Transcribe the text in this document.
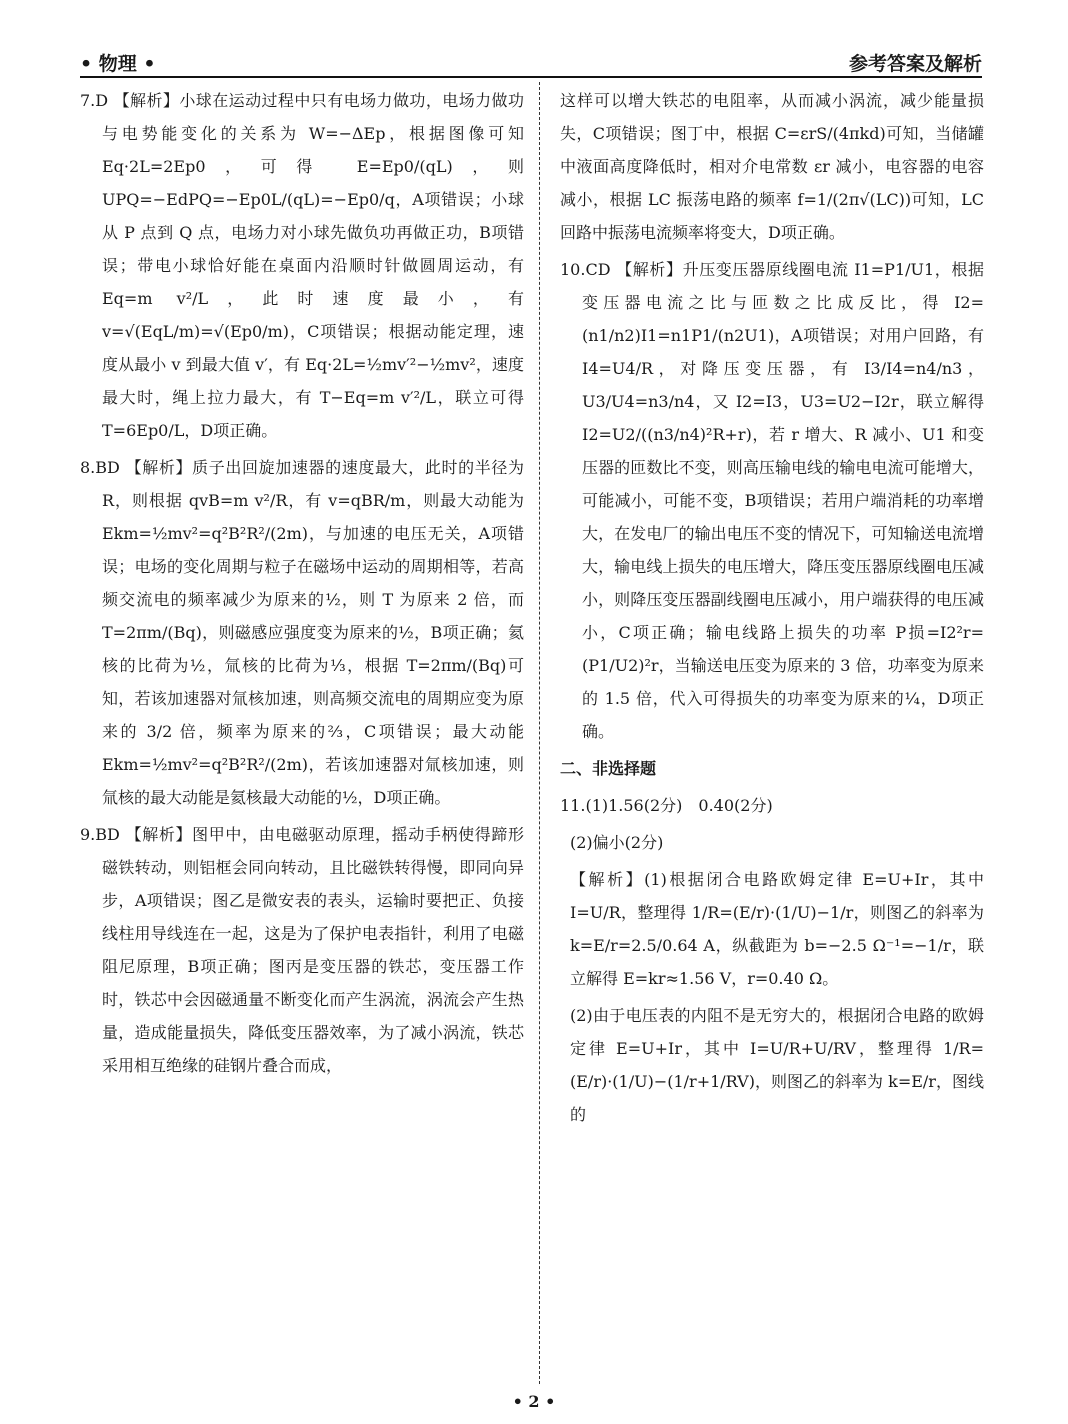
• 物理 •	参考答案及解析

7.D 【解析】小球在运动过程中只有电场力做功，电场力做功与电势能变化的关系为 W=−ΔEp，根据图像可知 Eq·2L=2Ep0，可得 E=Ep0/(qL)，则 UPQ=−EdPQ=−Ep0L/(qL)=−Ep0/q，A项错误；小球从 P 点到 Q 点，电场力对小球先做负功再做正功，B项错误；带电小球恰好能在桌面内沿顺时针做圆周运动，有 Eq=m v²/L，此时速度最小，有 v=√(EqL/m)=√(Ep0/m)，C项错误；根据动能定理，速度从最小 v 到最大值 v′，有 Eq·2L=½mv′²−½mv²，速度最大时，绳上拉力最大，有 T−Eq=m v′²/L，联立可得 T=6Ep0/L，D项正确。

8.BD 【解析】质子出回旋加速器的速度最大，此时的半径为 R，则根据 qvB=m v²/R，有 v=qBR/m，则最大动能为 Ekm=½mv²=q²B²R²/(2m)，与加速的电压无关，A项错误；电场的变化周期与粒子在磁场中运动的周期相等，若高频交流电的频率减少为原来的½，则 T 为原来 2 倍，而 T=2πm/(Bq)，则磁感应强度变为原来的½，B项正确；氦核的比荷为½，氚核的比荷为⅓，根据 T=2πm/(Bq)可知，若该加速器对氚核加速，则高频交流电的周期应变为原来的 3/2 倍，频率为原来的⅔，C项错误；最大动能 Ekm=½mv²=q²B²R²/(2m)，若该加速器对氚核加速，则氚核的最大动能是氦核最大动能的½，D项正确。

9.BD 【解析】图甲中，由电磁驱动原理，摇动手柄使得蹄形磁铁转动，则铝框会同向转动，且比磁铁转得慢，即同向异步，A项错误；图乙是微安表的表头，运输时要把正、负接线柱用导线连在一起，这是为了保护电表指针，利用了电磁阻尼原理，B项正确；图丙是变压器的铁芯，变压器工作时，铁芯中会因磁通量不断变化而产生涡流，涡流会产生热量，造成能量损失，降低变压器效率，为了减小涡流，铁芯采用相互绝缘的硅钢片叠合而成，

这样可以增大铁芯的电阻率，从而减小涡流，减少能量损失，C项错误；图丁中，根据 C=εrS/(4πkd)可知，当储罐中液面高度降低时，相对介电常数 εr 减小，电容器的电容减小，根据 LC 振荡电路的频率 f=1/(2π√(LC))可知，LC 回路中振荡电流频率将变大，D项正确。

10.CD 【解析】升压变压器原线圈电流 I1=P1/U1，根据变压器电流之比与匝数之比成反比，得 I2=(n1/n2)I1=n1P1/(n2U1)，A项错误；对用户回路，有 I4=U4/R，对降压变压器，有 I3/I4=n4/n3，U3/U4=n3/n4，又 I2=I3，U3=U2−I2r，联立解得 I2=U2/((n3/n4)²R+r)，若 r 增大、R 减小、U1 和变压器的匝数比不变，则高压输电线的输电电流可能增大，可能减小，可能不变，B项错误；若用户端消耗的功率增大，在发电厂的输出电压不变的情况下，可知输送电流增大，输电线上损失的电压增大，降压变压器原线圈电压减小，则降压变压器副线圈电压减小，用户端获得的电压减小，C项正确；输电线路上损失的功率 P损=I2²r=(P1/U2)²r，当输送电压变为原来的 3 倍，功率变为原来的 1.5 倍，代入可得损失的功率变为原来的¼，D项正确。

二、非选择题

11.(1)1.56(2分)　0.40(2分)

(2)偏小(2分)

【解析】(1)根据闭合电路欧姆定律 E=U+Ir，其中 I=U/R，整理得 1/R=(E/r)·(1/U)−1/r，则图乙的斜率为 k=E/r=2.5/0.64 A，纵截距为 b=−2.5 Ω⁻¹=−1/r，联立解得 E=kr≈1.56 V，r=0.40 Ω。

(2)由于电压表的内阻不是无穷大的，根据闭合电路的欧姆定律 E=U+Ir，其中 I=U/R+U/RV，整理得 1/R=(E/r)·(1/U)−(1/r+1/RV)，则图乙的斜率为 k=E/r，图线的

• 2 •
